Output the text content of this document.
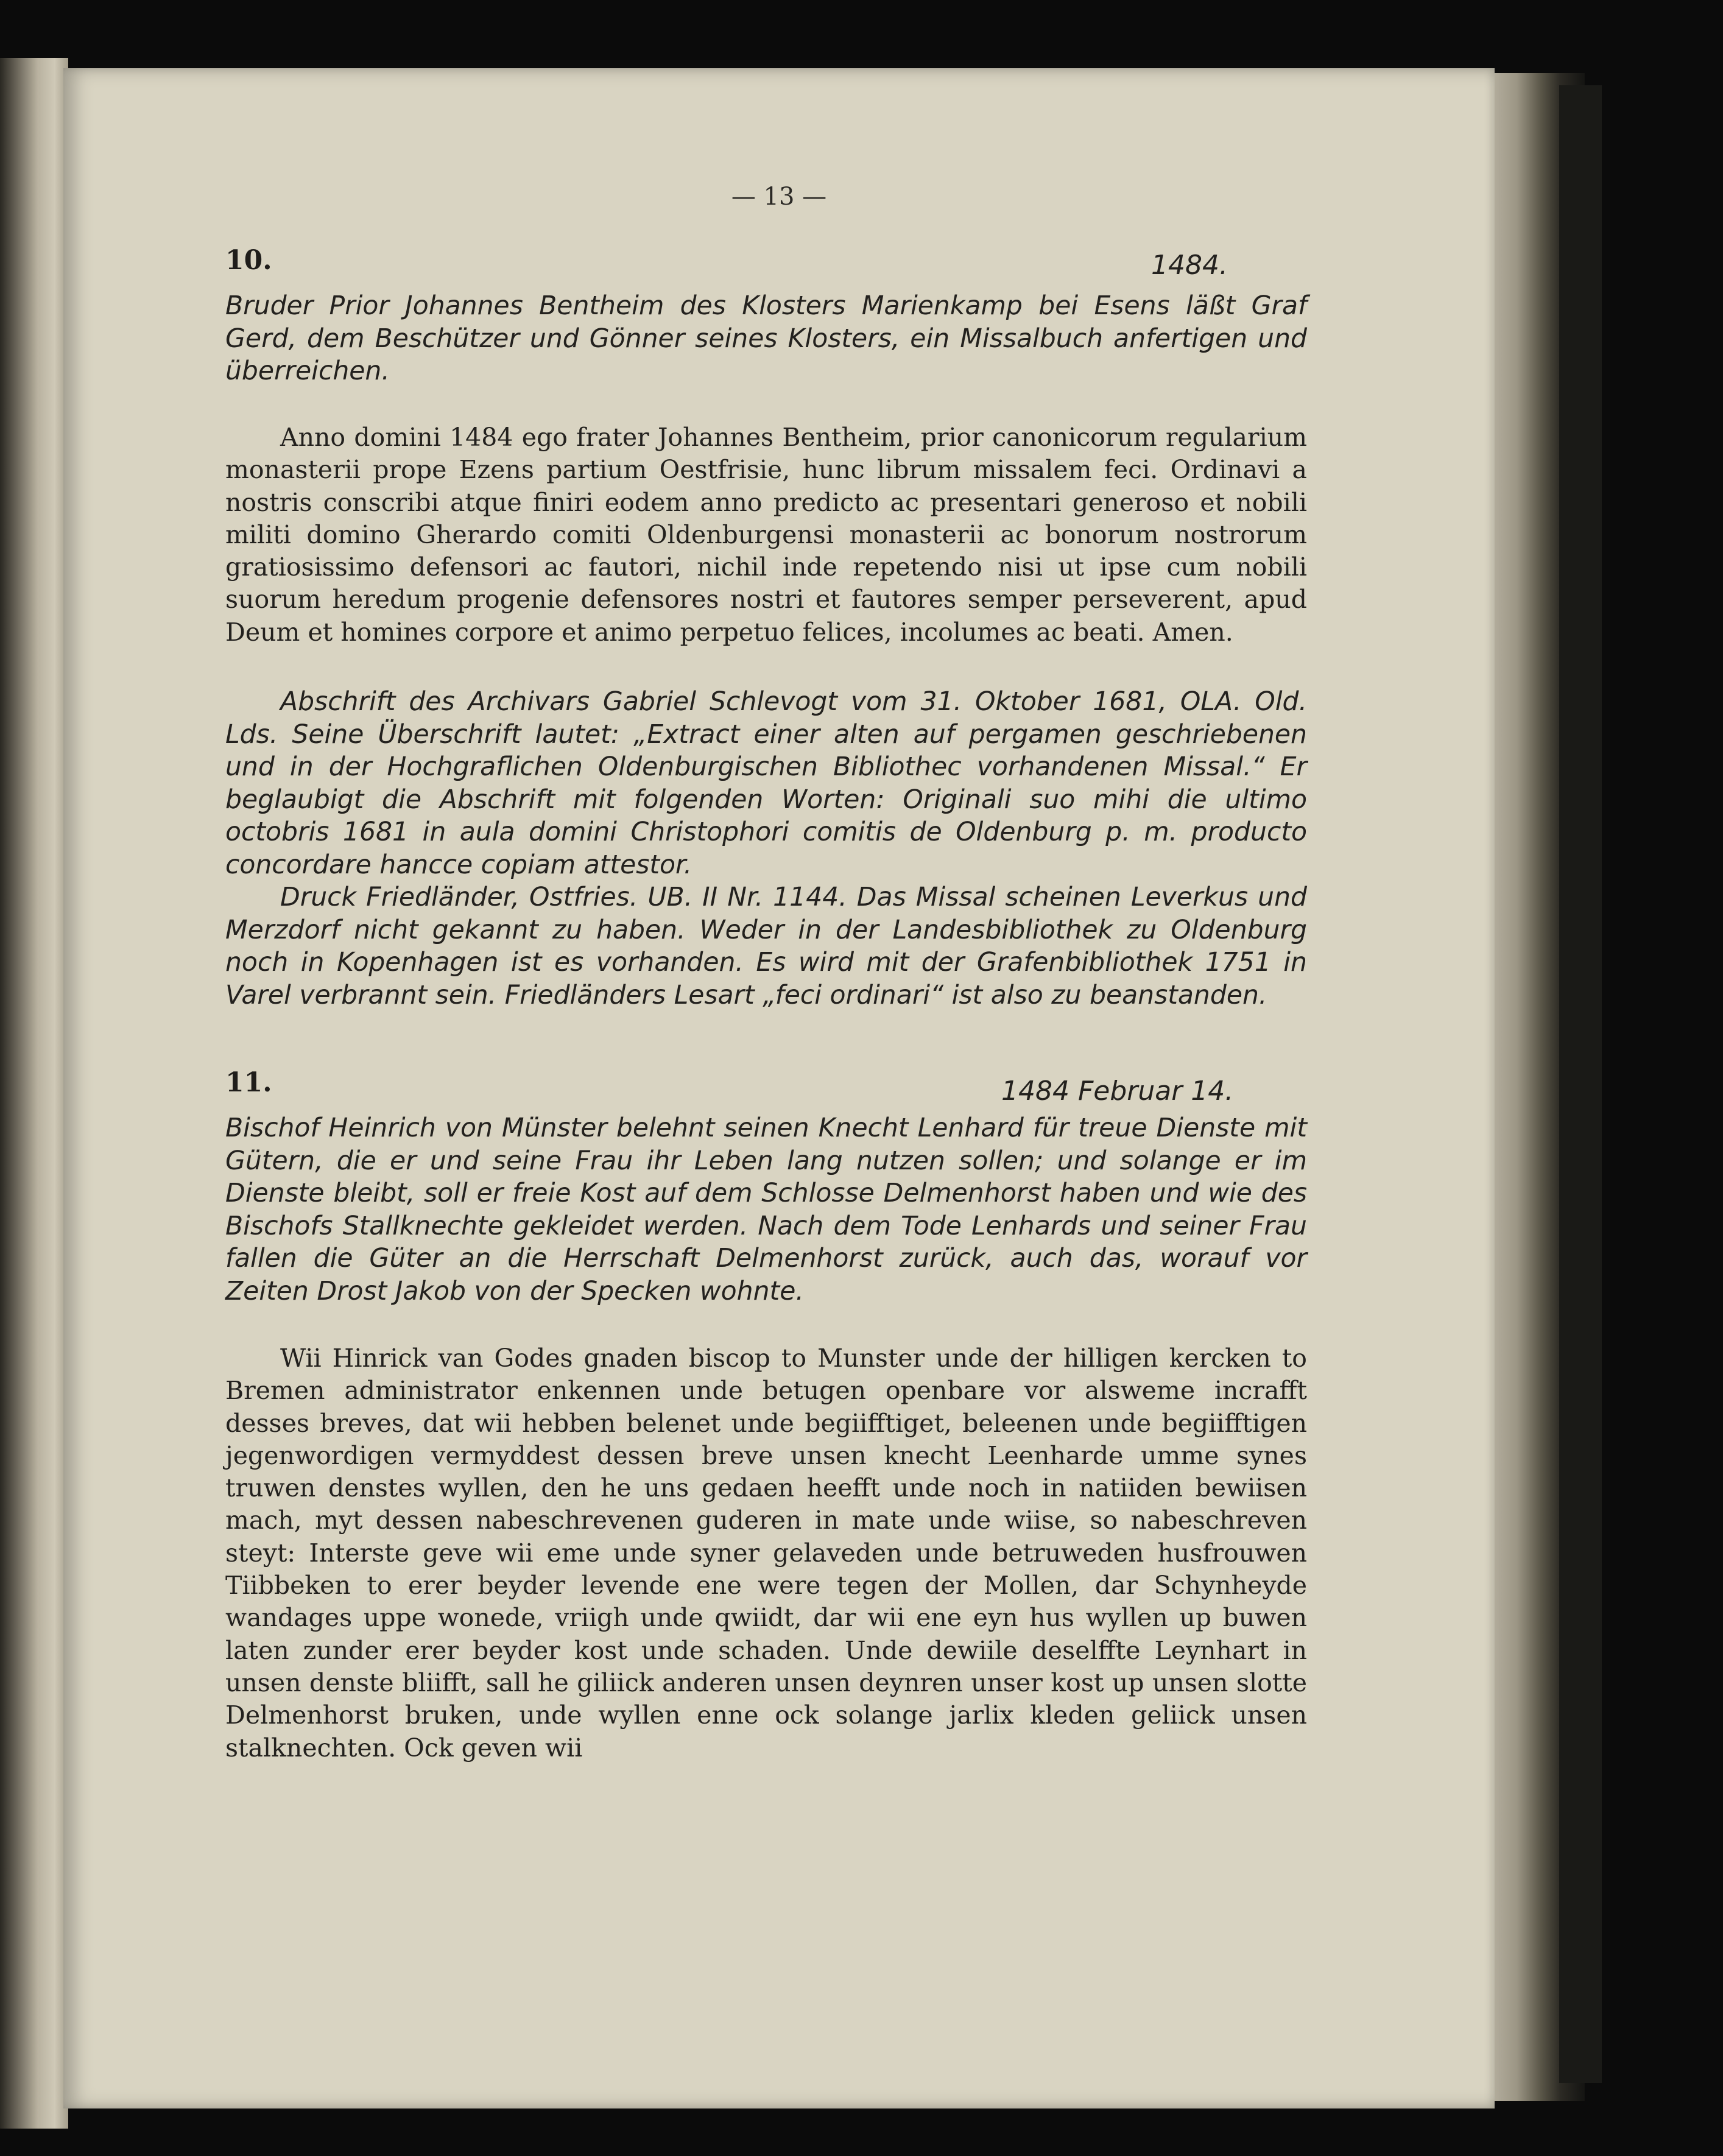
— 13 —
10.	1484.

Bruder Prior Johannes Bentheim des Klosters Marienkamp bei Esens läßt Graf Gerd, dem Beschützer und Gönner seines Klosters, ein Missalbuch anfertigen und überreichen.

Anno domini 1484 ego frater Johannes Bentheim, prior canonicorum regularium monasterii prope Ezens partium Oestfrisie, hunc librum missalem feci. Ordinavi a nostris conscribi atque finiri eodem anno predicto ac presentari generoso et nobili militi domino Gherardo comiti Oldenburgensi monasterii ac bonorum nostrorum gratiosissimo defensori ac fautori, nichil inde repetendo nisi ut ipse cum nobili suorum heredum progenie defensores nostri et fautores semper perseverent, apud Deum et homines corpore et animo perpetuo felices, incolumes ac beati. Amen.

Abschrift des Archivars Gabriel Schlevogt vom 31. Oktober 1681, OLA. Old. Lds. Seine Überschrift lautet: „Extract einer alten auf pergamen geschriebenen und in der Hochgraflichen Oldenburgischen Bibliothec vorhandenen Missal.“ Er beglaubigt die Abschrift mit folgenden Worten: Originali suo mihi die ultimo octobris 1681 in aula domini Christophori comitis de Oldenburg p. m. producto concordare hancce copiam attestor.

Druck Friedländer, Ostfries. UB. II Nr. 1144. Das Missal scheinen Leverkus und Merzdorf nicht gekannt zu haben. Weder in der Landesbibliothek zu Oldenburg noch in Kopenhagen ist es vorhanden. Es wird mit der Grafenbibliothek 1751 in Varel verbrannt sein. Friedländers Lesart „feci ordinari“ ist also zu beanstanden.

11.	1484 Februar 14.

Bischof Heinrich von Münster belehnt seinen Knecht Lenhard für treue Dienste mit Gütern, die er und seine Frau ihr Leben lang nutzen sollen; und solange er im Dienste bleibt, soll er freie Kost auf dem Schlosse Delmenhorst haben und wie des Bischofs Stallknechte gekleidet werden. Nach dem Tode Lenhards und seiner Frau fallen die Güter an die Herrschaft Delmenhorst zurück, auch das, worauf vor Zeiten Drost Jakob von der Specken wohnte.

Wii Hinrick van Godes gnaden biscop to Munster unde der hilligen kercken to Bremen administrator enkennen unde betugen openbare vor alsweme incrafft desses breves, dat wii hebben belenet unde begiifftiget, beleenen unde begiifftigen jegenwordigen vermyddest dessen breve unsen knecht Leenharde umme synes truwen denstes wyllen, den he uns gedaen heefft unde noch in natiiden bewiisen mach, myt dessen nabeschrevenen guderen in mate unde wiise, so nabeschreven steyt: Interste geve wii eme unde syner gelaveden unde betruweden husfrouwen Tiibbeken to erer beyder levende ene were tegen der Mollen, dar Schynheyde wandages uppe wonede, vriigh unde qwiidt, dar wii ene eyn hus wyllen up buwen laten zunder erer beyder kost unde schaden. Unde dewiile deselffte Leynhart in unsen denste bliifft, sall he giliick anderen unsen deynren unser kost up unsen slotte Delmenhorst bruken, unde wyllen enne ock solange jarlix kleden geliick unsen stalknechten. Ock geven wii
